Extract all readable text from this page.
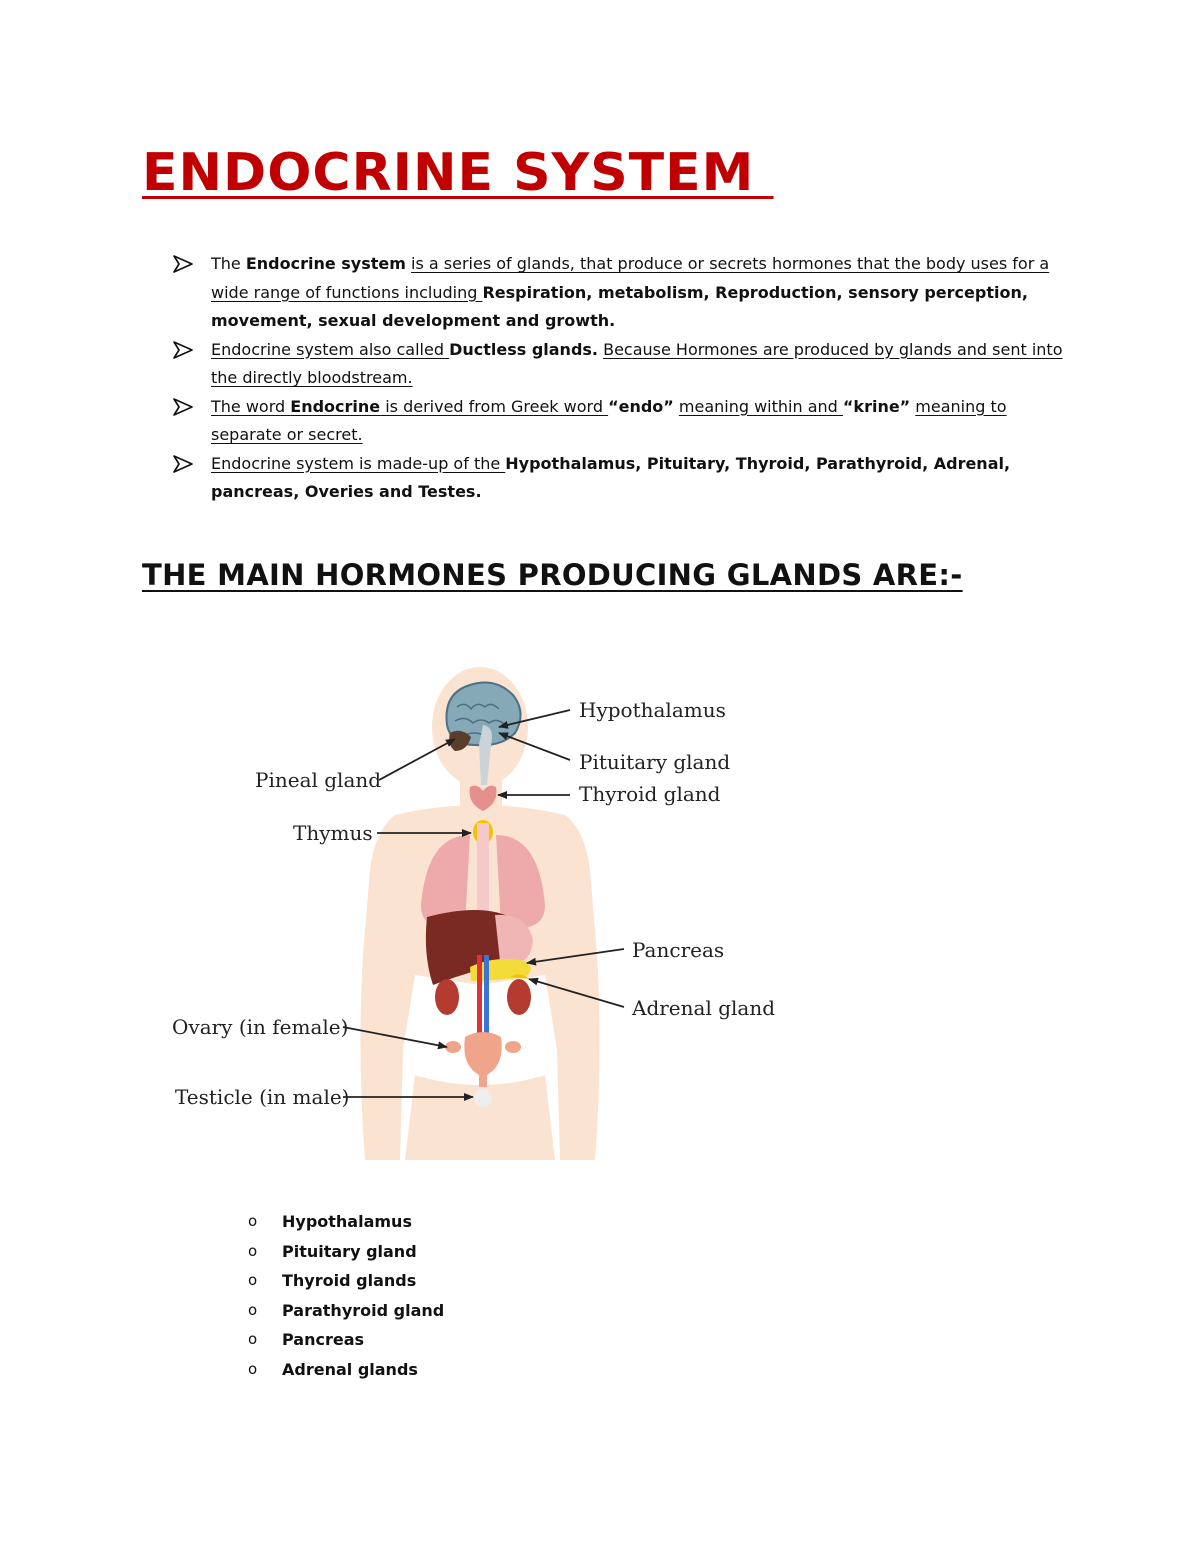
ENDOCRINE SYSTEM
The Endocrine system is a series of glands, that produce or secrets hormones that the body uses for a wide range of functions including Respiration, metabolism, Reproduction, sensory perception, movement, sexual development and growth.
Endocrine system also called Ductless glands. Because Hormones are produced by glands and sent into the directly bloodstream.
The word Endocrine is derived from Greek word “endo” meaning within and “krine” meaning to separate or secret.
Endocrine system is made-up of the Hypothalamus, Pituitary, Thyroid, Parathyroid, Adrenal, pancreas, Overies and Testes.
THE MAIN HORMONES PRODUCING GLANDS ARE:-
Hypothalamus
Pituitary gland
Pineal gland
Thyroid gland
Thymus
Pancreas
Adrenal gland
Ovary (in female)
Testicle (in male)
o Hypothalamus
o Pituitary gland
o Thyroid glands
o Parathyroid gland
o Pancreas
o Adrenal glands
